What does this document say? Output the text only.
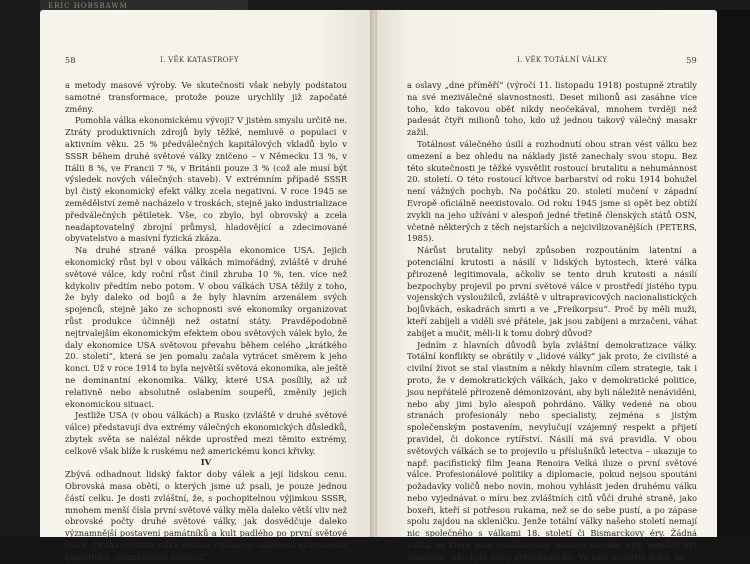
ERIC HOBSBAWM
58	I. VĚK KATASTROFY

a metody masové výroby. Ve skutečnosti však nebyly podstatou samotné transformace, protože pouze urychlily již započaté změny.

Pomohla válka ekonomickému vývoji? V jistém smyslu určitě ne. Ztráty produktivních zdrojů byly těžké, nemluvě o populaci v aktivním věku. 25 % předválečných kapitálových vkladů bylo v SSSR během druhé světové války zničeno – v Německu 13 %, v Itálii 8 %, ve Francii 7 %, v Británii pouze 3 % (což ale musí být výsledek nových válečných staveb). V extrémním případě SSSR byl čistý ekonomický efekt války zcela negativní. V roce 1945 se zemědělství země nacházelo v troskách, stejně jako industrializace předválečných pětiletek. Vše, co zbylo, byl obrovský a zcela neadaptovatelný zbrojní průmysl, hladovějící a zdecimované obyvatelstvo a masivní fyzická zkáza.

Na druhé straně válka prospěla ekonomice USA. Jejich ekonomický růst byl v obou válkách mimořádný, zvláště v druhé světové válce, kdy roční růst činil zhruba 10 %, ten. více než kdykoliv předtím nebo potom. V obou válkách USA těžily z toho, že byly daleko od bojů a že byly hlavním arzenálem svých spojenců, stejně jako ze schopnosti své ekonomiky organizovat růst produkce účinněji než ostatní státy. Pravděpodobně nejtrvalejším ekonomickým efektem obou světových válek bylo, že daly ekonomice USA světovou převahu během celého „krátkého 20. století“, která se jen pomalu začala vytrácet směrem k jeho konci. Už v roce 1914 to byla největší světová ekonomika, ale ještě ne dominantní ekonomika. Války, které USA posílily, až už relativně nebo absolutně oslabením soupeřů, změnily jejich ekonomickou situaci.

Jestliže USA (v obou válkách) a Rusko (zvláště v druhé světové válce) představují dva extrémy válečných ekonomických důsledků, zbytek světa se nalézal někde uprostřed mezi těmito extrémy, celkově však blíže k ruskému než americkému konci křivky.

IV

Zbývá odhadnout lidský faktor doby válek a její lidskou cenu. Obrovská masa obětí, o kterých jsme už psali, je pouze jednou částí celku. Je dosti zvláštní, že, s pochopitelnou výjimkou SSSR, mnohem menší čísla první světové války měla daleko větší vliv než obrovské počty druhé světové války, jak dosvědčuje daleko významnější postavení památníků a kult padlého po první světové válce. Druhá světová válka nedala vzniknout žádnému ekvivalentu památníků „neznámému vojínovi“

I. VĚK TOTÁLNÍ VÁLKY	59

a oslavy „dne příměří“ (výročí 11. listopadu 1918) postupně ztratily na své meziválečné slavnostnosti. Deset milionů asi zasáhne více toho, kdo takovou oběť nikdy neočekával, mnohem tvrději než padesát čtyři milionů toho, kdo už jednou takový válečný masakr zažil.

Totálnost válečného úsilí a rozhodnutí obou stran vést válku bez omezení a bez ohledu na náklady jistě zanechaly svou stopu. Bez této skutečnosti je těžké vysvětlit rostoucí brutalitu a nehumánnost 20. století. O této rostoucí křivce barbarství od roku 1914 bohužel není vážných pochyb. Na počátku 20. století mučení v západní Evropě oficiálně neexistovalo. Od roku 1945 jsme si opět bez obtíží zvykli na jeho užívání v alespoň jedné třetině členských států OSN, včetně některých z těch nejstarších a nejcivilizovanějších (PETERS, 1985).

Nárůst brutality nebyl způsoben rozpoutáním latentní a potenciální krutosti a násilí v lidských bytostech, které válka přirozeně legitimovala, ačkoliv se tento druh krutosti a násilí bezpochyby projevil po první světové válce v prostředí jistého typu vojenských vysloužilců, zvláště v ultrapravicových nacionalistických bojůvkách, eskadrách smrti a ve „Freikorpsu“. Proč by měli muži, kteří zabíjeli a viděli své přátele, jak jsou zabíjeni a mrzačeni, váhat zabíjet a mučit, měli-li k tomu dobrý důvod?

Jedním z hlavních důvodů byla zvláštní demokratizace války. Totální konflikty se obrátily v „lidové války“ jak proto, že civilisté a civilní život se stal vlastním a někdy hlavním cílem strategie, tak i proto, že v demokratických válkách, jako v demokratické politice, jsou nepřátelé přirozeně démonizováni, aby byli náležitě nenáviděni, nebo aby jimi bylo alespoň pohrdáno. Války vedené na obou stranách profesionály nebo specialisty, zejména s jistým společenským postavením, nevylučují vzájemný respekt a přijetí pravidel, či dokonce rytířství. Násilí má svá pravidla. V obou světových válkách se to projevilo u příslušníků letectva – ukazuje to např. pacifistický film Jeana Renoira Velká iluze o první světové válce. Profesionálové politiky a diplomacie, pokud nejsou spoutáni požadavky voličů nebo novin, mohou vyhlásit jeden druhému válku nebo vyjednávat o míru bez zvláštních citů vůči druhé straně, jako boxeři, kteří si potřesou rukama, než se do sebe pustí, a po zápase spolu zajdou na skleničku. Jenže totální války našeho století nemají nic společného s válkami 18. století či Bismarckovy éry. Žádná válka, ve které jsou mobilizovány masové národní city, nemůže být omezena, jako byly války aristokratické. Ve naší moderní době, za
